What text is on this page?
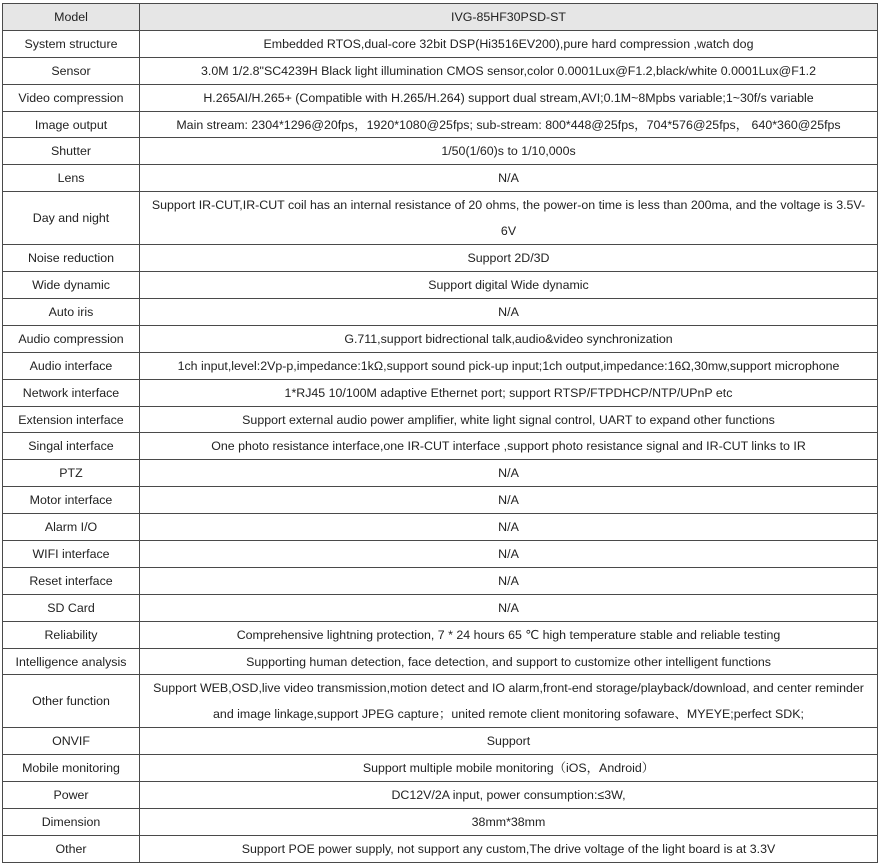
Model	IVG-85HF30PSD-ST
System structure	Embedded RTOS,dual-core 32bit DSP(Hi3516EV200),pure hard compression ,watch dog
Sensor	3.0M 1/2.8"SC4239H Black light illumination CMOS sensor,color 0.0001Lux@F1.2,black/white 0.0001Lux@F1.2
Video compression	H.265AI/H.265+ (Compatible with H.265/H.264) support dual stream,AVI;0.1M~8Mpbs variable;1~30f/s variable
Image output	Main stream: 2304*1296@20fps，1920*1080@25fps; sub-stream: 800*448@25fps，704*576@25fps， 640*360@25fps
Shutter	1/50(1/60)s to 1/10,000s
Lens	N/A
Day and night	Support IR-CUT,IR-CUT coil has an internal resistance of 20 ohms, the power-on time is less than 200ma, and the voltage is 3.5V-6V
Noise reduction	Support 2D/3D
Wide dynamic	Support digital Wide dynamic
Auto iris	N/A
Audio compression	G.711,support bidrectional talk,audio&video synchronization
Audio interface	1ch input,level:2Vp-p,impedance:1kΩ,support sound pick-up input;1ch output,impedance:16Ω,30mw,support microphone
Network interface	1*RJ45 10/100M adaptive Ethernet port; support RTSP/FTPDHCP/NTP/UPnP etc
Extension interface	Support external audio power amplifier, white light signal control, UART to expand other functions
Singal interface	One photo resistance interface,one IR-CUT interface ,support photo resistance signal and IR-CUT links to IR
PTZ	N/A
Motor interface	N/A
Alarm I/O	N/A
WIFI interface	N/A
Reset interface	N/A
SD Card	N/A
Reliability	Comprehensive lightning protection, 7 * 24 hours 65 ℃ high temperature stable and reliable testing
Intelligence analysis	Supporting human detection, face detection, and support to customize other intelligent functions
Other function	Support WEB,OSD,live video transmission,motion detect and IO alarm,front-end storage/playback/download, and center reminder and image linkage,support JPEG capture；united remote client monitoring sofaware、MYEYE;perfect SDK;
ONVIF	Support
Mobile monitoring	Support multiple mobile monitoring（iOS，Android）
Power	DC12V/2A input, power consumption:≤3W,
Dimension	38mm*38mm
Other	Support POE power supply, not support any custom,The drive voltage of the light board is at 3.3V
